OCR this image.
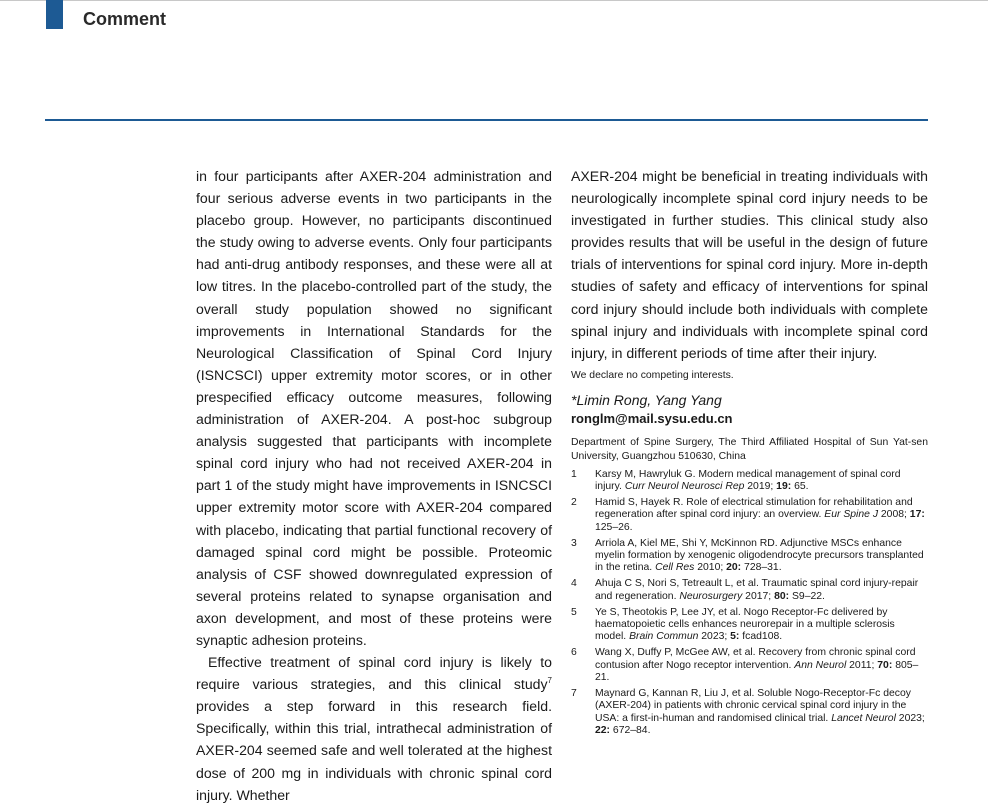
Comment

in four participants after AXER-204 administration and four serious adverse events in two participants in the placebo group. However, no participants discontinued the study owing to adverse events. Only four participants had anti-drug antibody responses, and these were all at low titres. In the placebo-controlled part of the study, the overall study population showed no significant improvements in International Standards for the Neurological Classification of Spinal Cord Injury (ISNCSCI) upper extremity motor scores, or in other prespecified efficacy outcome measures, following administration of AXER-204. A post-hoc subgroup analysis suggested that participants with incomplete spinal cord injury who had not received AXER-204 in part 1 of the study might have improvements in ISNCSCI upper extremity motor score with AXER-204 compared with placebo, indicating that partial functional recovery of damaged spinal cord might be possible. Proteomic analysis of CSF showed downregulated expression of several proteins related to synapse organisation and axon development, and most of these proteins were synaptic adhesion proteins.

Effective treatment of spinal cord injury is likely to require various strategies, and this clinical study$^7$ provides a step forward in this research field. Specifically, within this trial, intrathecal administration of AXER-204 seemed safe and well tolerated at the highest dose of 200 mg in individuals with chronic spinal cord injury. Whether

AXER-204 might be beneficial in treating individuals with neurologically incomplete spinal cord injury needs to be investigated in further studies. This clinical study also provides results that will be useful in the design of future trials of interventions for spinal cord injury. More in-depth studies of safety and efficacy of interventions for spinal cord injury should include both individuals with complete spinal injury and individuals with incomplete spinal cord injury, in different periods of time after their injury.

We declare no competing interests.

*Limin Rong, Yang Yang

ronglm@mail.sysu.edu.cn

Department of Spine Surgery, The Third Affiliated Hospital of Sun Yat-sen University, Guangzhou 510630, China

1 Karsy M, Hawryluk G. Modern medical management of spinal cord injury. Curr Neurol Neurosci Rep 2019; 19: 65.
2 Hamid S, Hayek R. Role of electrical stimulation for rehabilitation and regeneration after spinal cord injury: an overview. Eur Spine J 2008; 17: 125–26.
3 Arriola A, Kiel ME, Shi Y, McKinnon RD. Adjunctive MSCs enhance myelin formation by xenogenic oligodendrocyte precursors transplanted in the retina. Cell Res 2010; 20: 728–31.
4 Ahuja C S, Nori S, Tetreault L, et al. Traumatic spinal cord injury-repair and regeneration. Neurosurgery 2017; 80: S9–22.
5 Ye S, Theotokis P, Lee JY, et al. Nogo Receptor-Fc delivered by haematopoietic cells enhances neurorepair in a multiple sclerosis model. Brain Commun 2023; 5: fcad108.
6 Wang X, Duffy P, McGee AW, et al. Recovery from chronic spinal cord contusion after Nogo receptor intervention. Ann Neurol 2011; 70: 805–21.
7 Maynard G, Kannan R, Liu J, et al. Soluble Nogo-Receptor-Fc decoy (AXER-204) in patients with chronic cervical spinal cord injury in the USA: a first-in-human and randomised clinical trial. Lancet Neurol 2023; 22: 672–84.
